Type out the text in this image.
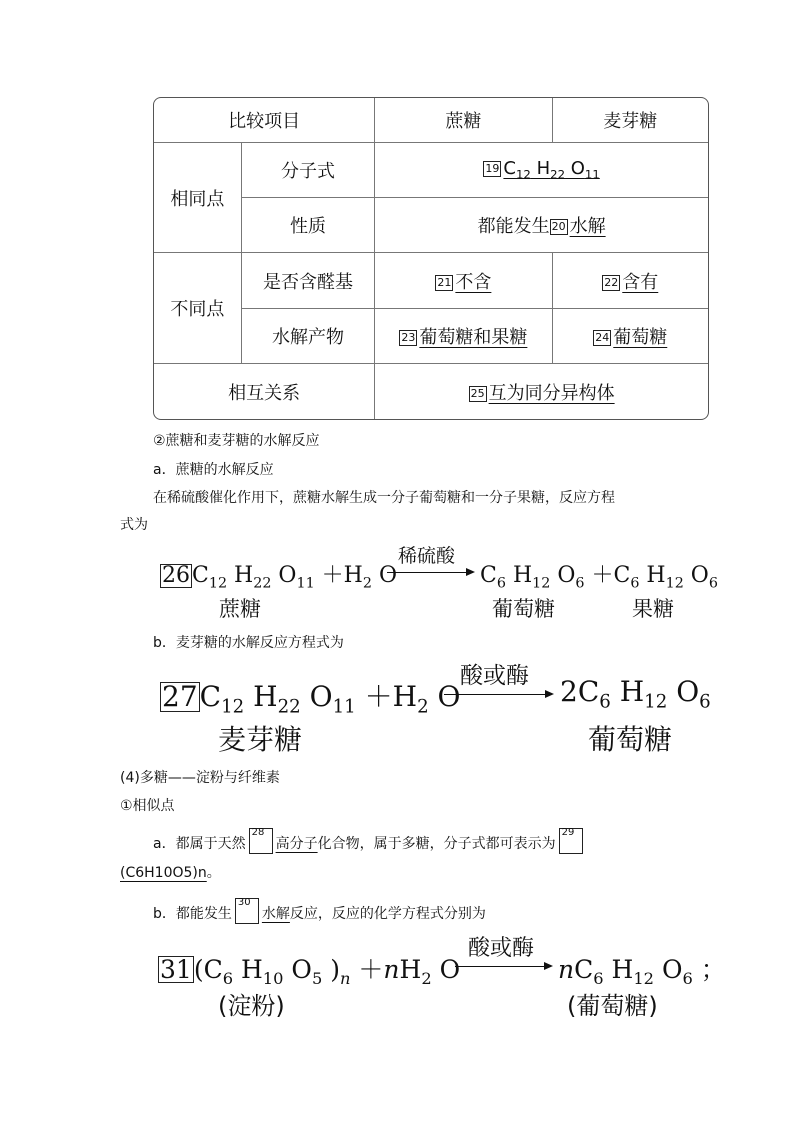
比较项目		蔗糖	麦芽糖
相同点	分子式	19 $C_{12}$ $H_{22}$ $O_{11}$
	性质	都能发生 20 水解	
不同点	是否含醛基	21 不含	22 含有
	水解产物	23 葡萄糖和果糖	24 葡萄糖
相互关系		25 互为同分异构体	
②蔗糖和麦芽糖的水解反应
a．蔗糖的水解反应
在稀硫酸催化作用下，蔗糖水解生成一分子葡萄糖和一分子果糖，反应方程
式为
$26C_{12}$ $H_{22}$ $O_{11} +H_2$ O
稀硫酸
$C_6$ $H_{12}$ $O_6 +C_6$ $H_{12}$ $O_6$
蔗糖	葡萄糖	果糖
b．麦芽糖的水解反应方程式为
$27C_{12}$ $H_{22}$ $O_{11} +H_2$ O
酸或酶 $2C_6$ $H_{12}$ $O_6$
麦芽糖	葡萄糖
(4)多糖——淀粉与纤维素
①相似点
a．都属于天然
28
高分子化合物，属于多糖，分子式都可表示为
29
(C6H10O5)n。
b．都能发生
30
水解反应，反应的化学方程式分别为
$31(C_6$ $H_{10}$ $O_5$ )$_n +nH_2$ O
酸或酶
$nC_6$ $H_{12}$ $O_6$ ；
(淀粉)	(葡萄糖)
